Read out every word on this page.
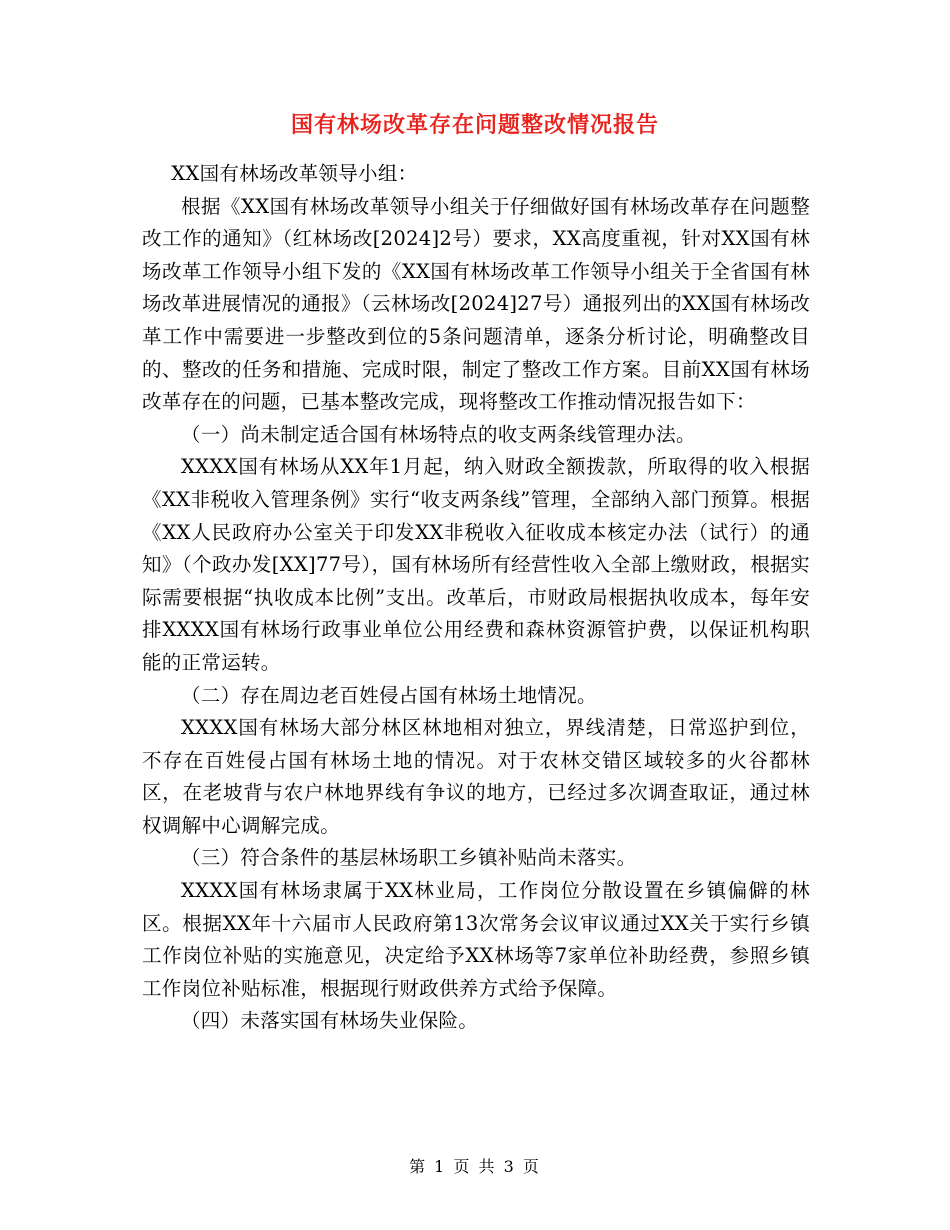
国有林场改革存在问题整改情况报告

XX国有林场改革领导小组：

根据《XX国有林场改革领导小组关于仔细做好国有林场改革存在问题整改工作的通知》（红林场改[2024]2号）要求，XX高度重视，针对XX国有林场改革工作领导小组下发的《XX国有林场改革工作领导小组关于全省国有林场改革进展情况的通报》（云林场改[2024]27号）通报列出的XX国有林场改革工作中需要进一步整改到位的5条问题清单，逐条分析讨论，明确整改目的、整改的任务和措施、完成时限，制定了整改工作方案。目前XX国有林场改革存在的问题，已基本整改完成，现将整改工作推动情况报告如下：

（一）尚未制定适合国有林场特点的收支两条线管理办法。

XXXX国有林场从XX年1月起，纳入财政全额拨款，所取得的收入根据《XX非税收入管理条例》实行“收支两条线”管理，全部纳入部门预算。根据《XX人民政府办公室关于印发XX非税收入征收成本核定办法（试行）的通知》（个政办发[XX]77号），国有林场所有经营性收入全部上缴财政，根据实际需要根据“执收成本比例”支出。改革后，市财政局根据执收成本，每年安排XXXX国有林场行政事业单位公用经费和森林资源管护费，以保证机构职能的正常运转。

（二）存在周边老百姓侵占国有林场土地情况。

XXXX国有林场大部分林区林地相对独立，界线清楚，日常巡护到位，不存在百姓侵占国有林场土地的情况。对于农林交错区域较多的火谷都林区，在老坡背与农户林地界线有争议的地方，已经过多次调查取证，通过林权调解中心调解完成。

（三）符合条件的基层林场职工乡镇补贴尚未落实。

XXXX国有林场隶属于XX林业局，工作岗位分散设置在乡镇偏僻的林区。根据XX年十六届市人民政府第13次常务会议审议通过XX关于实行乡镇工作岗位补贴的实施意见，决定给予XX林场等7家单位补助经费，参照乡镇工作岗位补贴标准，根据现行财政供养方式给予保障。

（四）未落实国有林场失业保险。

第 1 页 共 3 页
